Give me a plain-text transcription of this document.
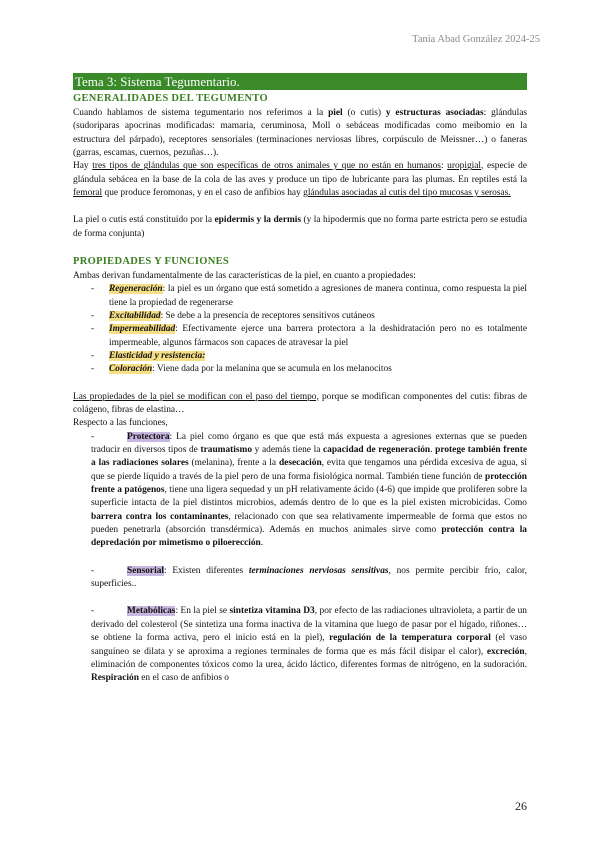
Tania Abad González 2024-25
Tema 3: Sistema Tegumentario.
GENERALIDADES DEL TEGUMENTO

Cuando hablamos de sistema tegumentario nos referimos a la piel (o cutis) y estructuras asociadas: glándulas (sudoríparas apocrinas modificadas: mamaria, ceruminosa, Moll o sebáceas modificadas como meibomio en la estructura del párpado), receptores sensoriales (terminaciones nerviosas libres, corpúsculo de Meissner…) o faneras (garras, escamas, cuernos, pezuñas…).

Hay tres tipos de glándulas que son específicas de otros animales y que no están en humanos: uropigial, especie de glándula sebácea en la base de la cola de las aves y produce un tipo de lubricante para las plumas. En reptiles está la femoral que produce feromonas, y en el caso de anfibios hay glándulas asociadas al cutis del tipo mucosas y serosas.

La piel o cutis está constituido por la epidermis y la dermis (y la hipodermis que no forma parte estricta pero se estudia de forma conjunta)

PROPIEDADES Y FUNCIONES

Ambas derivan fundamentalmente de las características de la piel, en cuanto a propiedades:

- Regeneración: la piel es un órgano que está sometido a agresiones de manera continua, como respuesta la piel tiene la propiedad de regenerarse
- Excitabilidad: Se debe a la presencia de receptores sensitivos cutáneos
- Impermeabilidad: Efectivamente ejerce una barrera protectora a la deshidratación pero no es totalmente impermeable, algunos fármacos son capaces de atravesar la piel
- Elasticidad y resistencia:
- Coloración: Viene dada por la melanina que se acumula en los melanocitos

Las propiedades de la piel se modifican con el paso del tiempo, porque se modifican componentes del cutis: fibras de colágeno, fibras de elastina…

Respecto a las funciones,

-	Protectora: La piel como órgano es que que está más expuesta a agresiones externas que se pueden traducir en diversos tipos de traumatismo y además tiene la capacidad de regeneración. protege también frente a las radiaciones solares (melanina), frente a la desecación, evita que tengamos una pérdida excesiva de agua, si que se pierde líquido a través de la piel pero de una forma fisiológica normal. También tiene función de protección frente a patógenos, tiene una ligera sequedad y un pH relativamente ácido (4-6) que impide que proliferen sobre la superficie intacta de la piel distintos microbios, además dentro de lo que es la piel existen microbicidas. Como barrera contra los contaminantes, relacionado con que sea relativamente impermeable de forma que estos no pueden penetrarla (absorción transdérmica). Además en muchos animales sirve como protección contra la depredación por mimetismo o piloerección.

-	Sensorial: Existen diferentes terminaciones nerviosas sensitivas, nos permite percibir frío, calor, superficies..

-	Metabólicas: En la piel se sintetiza vitamina D3, por efecto de las radiaciones ultravioleta, a partir de un derivado del colesterol (Se sintetiza una forma inactiva de la vitamina que luego de pasar por el hígado, riñones… se obtiene la forma activa, pero el inicio está en la piel), regulación de la temperatura corporal (el vaso sanguíneo se dilata y se aproxima a regiones terminales de forma que es más fácil disipar el calor), excreción, eliminación de componentes tóxicos como la urea, ácido láctico, diferentes formas de nitrógeno, en la sudoración. Respiración en el caso de anfibios o

26
